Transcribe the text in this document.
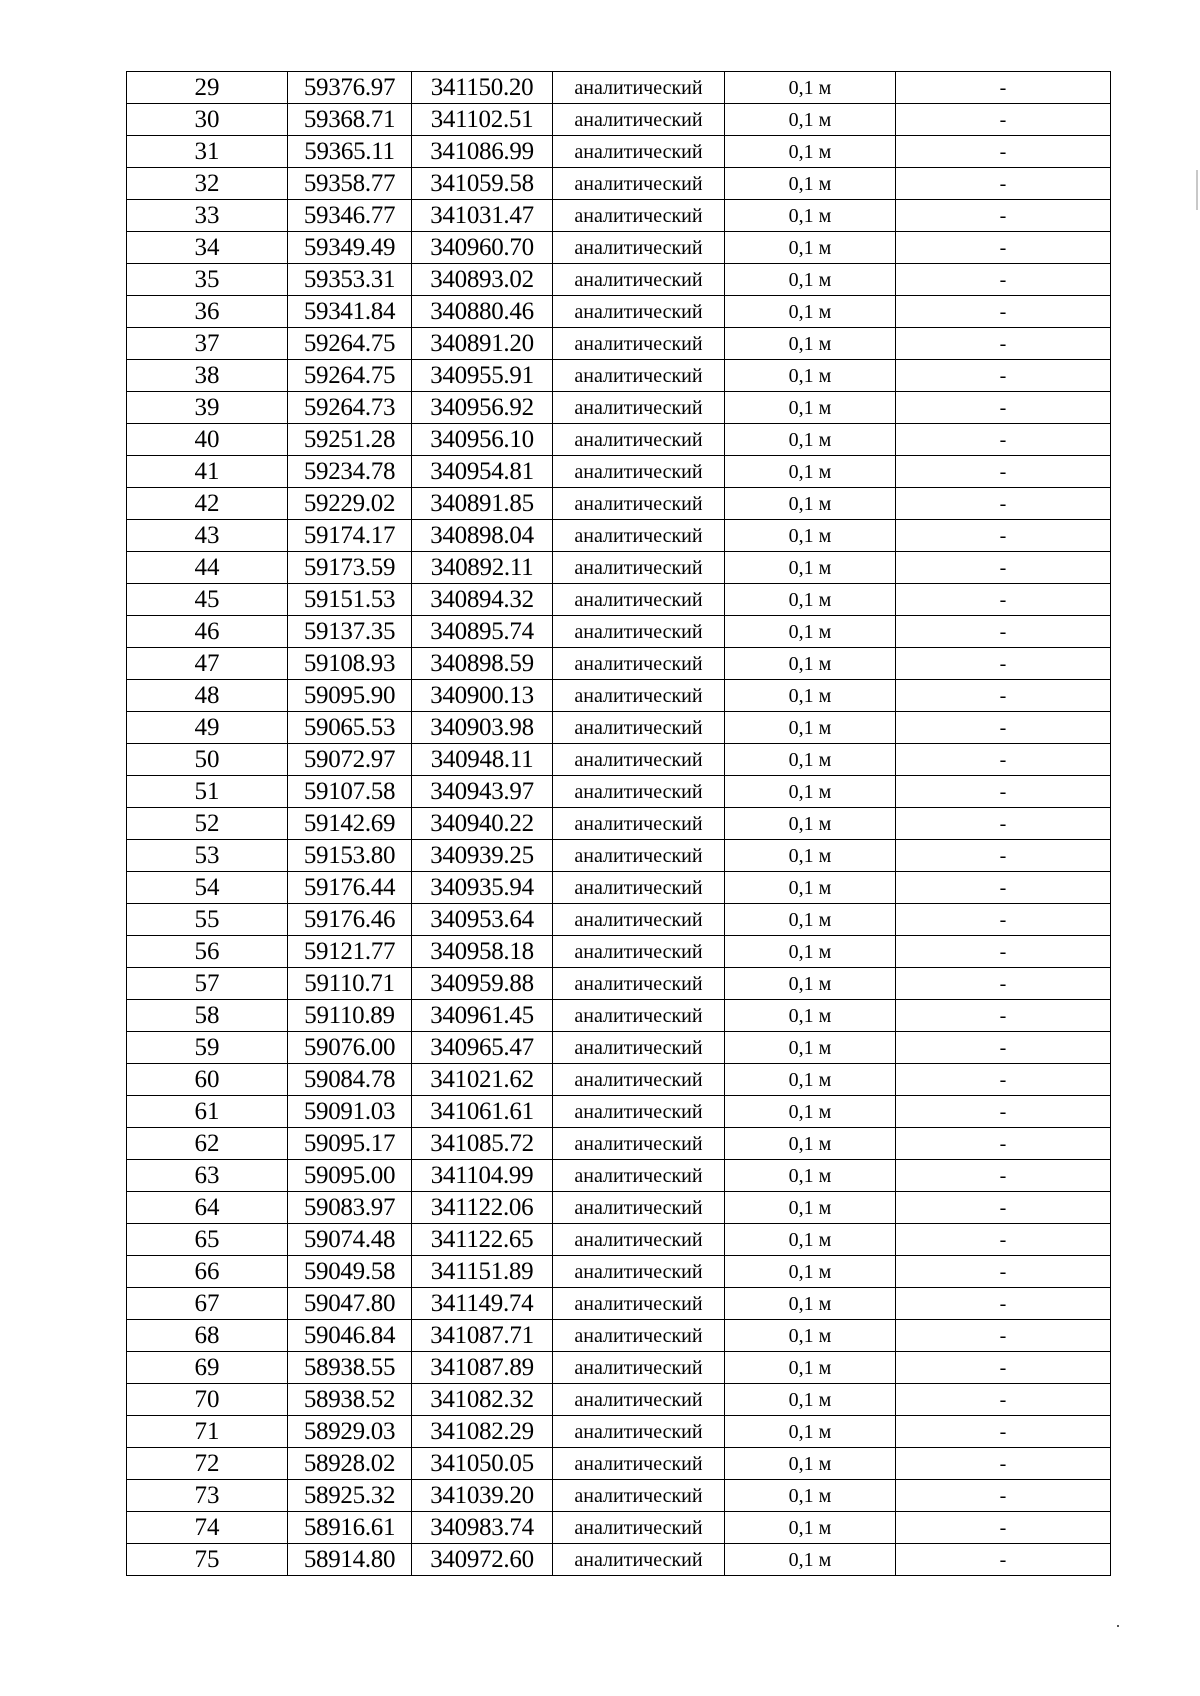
29	59376.97	341150.20	аналитический	0,1 м	-
30	59368.71	341102.51	аналитический	0,1 м	-
31	59365.11	341086.99	аналитический	0,1 м	-
32	59358.77	341059.58	аналитический	0,1 м	-
33	59346.77	341031.47	аналитический	0,1 м	-
34	59349.49	340960.70	аналитический	0,1 м	-
35	59353.31	340893.02	аналитический	0,1 м	-
36	59341.84	340880.46	аналитический	0,1 м	-
37	59264.75	340891.20	аналитический	0,1 м	-
38	59264.75	340955.91	аналитический	0,1 м	-
39	59264.73	340956.92	аналитический	0,1 м	-
40	59251.28	340956.10	аналитический	0,1 м	-
41	59234.78	340954.81	аналитический	0,1 м	-
42	59229.02	340891.85	аналитический	0,1 м	-
43	59174.17	340898.04	аналитический	0,1 м	-
44	59173.59	340892.11	аналитический	0,1 м	-
45	59151.53	340894.32	аналитический	0,1 м	-
46	59137.35	340895.74	аналитический	0,1 м	-
47	59108.93	340898.59	аналитический	0,1 м	-
48	59095.90	340900.13	аналитический	0,1 м	-
49	59065.53	340903.98	аналитический	0,1 м	-
50	59072.97	340948.11	аналитический	0,1 м	-
51	59107.58	340943.97	аналитический	0,1 м	-
52	59142.69	340940.22	аналитический	0,1 м	-
53	59153.80	340939.25	аналитический	0,1 м	-
54	59176.44	340935.94	аналитический	0,1 м	-
55	59176.46	340953.64	аналитический	0,1 м	-
56	59121.77	340958.18	аналитический	0,1 м	-
57	59110.71	340959.88	аналитический	0,1 м	-
58	59110.89	340961.45	аналитический	0,1 м	-
59	59076.00	340965.47	аналитический	0,1 м	-
60	59084.78	341021.62	аналитический	0,1 м	-
61	59091.03	341061.61	аналитический	0,1 м	-
62	59095.17	341085.72	аналитический	0,1 м	-
63	59095.00	341104.99	аналитический	0,1 м	-
64	59083.97	341122.06	аналитический	0,1 м	-
65	59074.48	341122.65	аналитический	0,1 м	-
66	59049.58	341151.89	аналитический	0,1 м	-
67	59047.80	341149.74	аналитический	0,1 м	-
68	59046.84	341087.71	аналитический	0,1 м	-
69	58938.55	341087.89	аналитический	0,1 м	-
70	58938.52	341082.32	аналитический	0,1 м	-
71	58929.03	341082.29	аналитический	0,1 м	-
72	58928.02	341050.05	аналитический	0,1 м	-
73	58925.32	341039.20	аналитический	0,1 м	-
74	58916.61	340983.74	аналитический	0,1 м	-
75	58914.80	340972.60	аналитический	0,1 м	-
